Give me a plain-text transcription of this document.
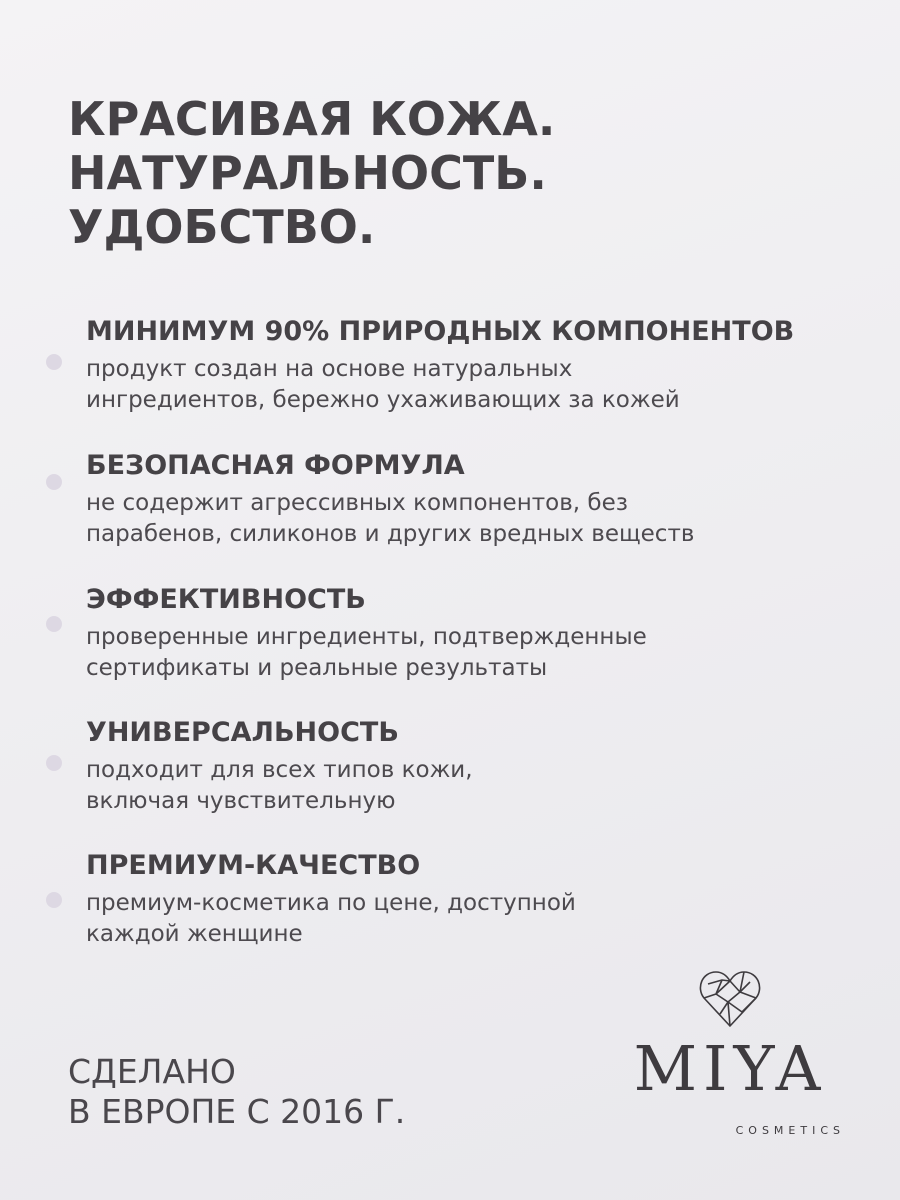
КРАСИВАЯ КОЖА.
НАТУРАЛЬНОСТЬ.
УДОБСТВО.

МИНИМУМ 90% ПРИРОДНЫХ КОМПОНЕНТОВ

продукт создан на основе натуральных
ингредиентов, бережно ухаживающих за кожей

БЕЗОПАСНАЯ ФОРМУЛА

не содержит агрессивных компонентов, без
парабенов, силиконов и других вредных веществ

ЭФФЕКТИВНОСТЬ

проверенные ингредиенты, подтвержденные
сертификаты и реальные результаты

УНИВЕРСАЛЬНОСТЬ

подходит для всех типов кожи,
включая чувствительную

ПРЕМИУМ-КАЧЕСТВО

премиум-косметика по цене, доступной
каждой женщине

СДЕЛАНО
В ЕВРОПЕ С 2016 Г.
MIYA
COSMETICS
